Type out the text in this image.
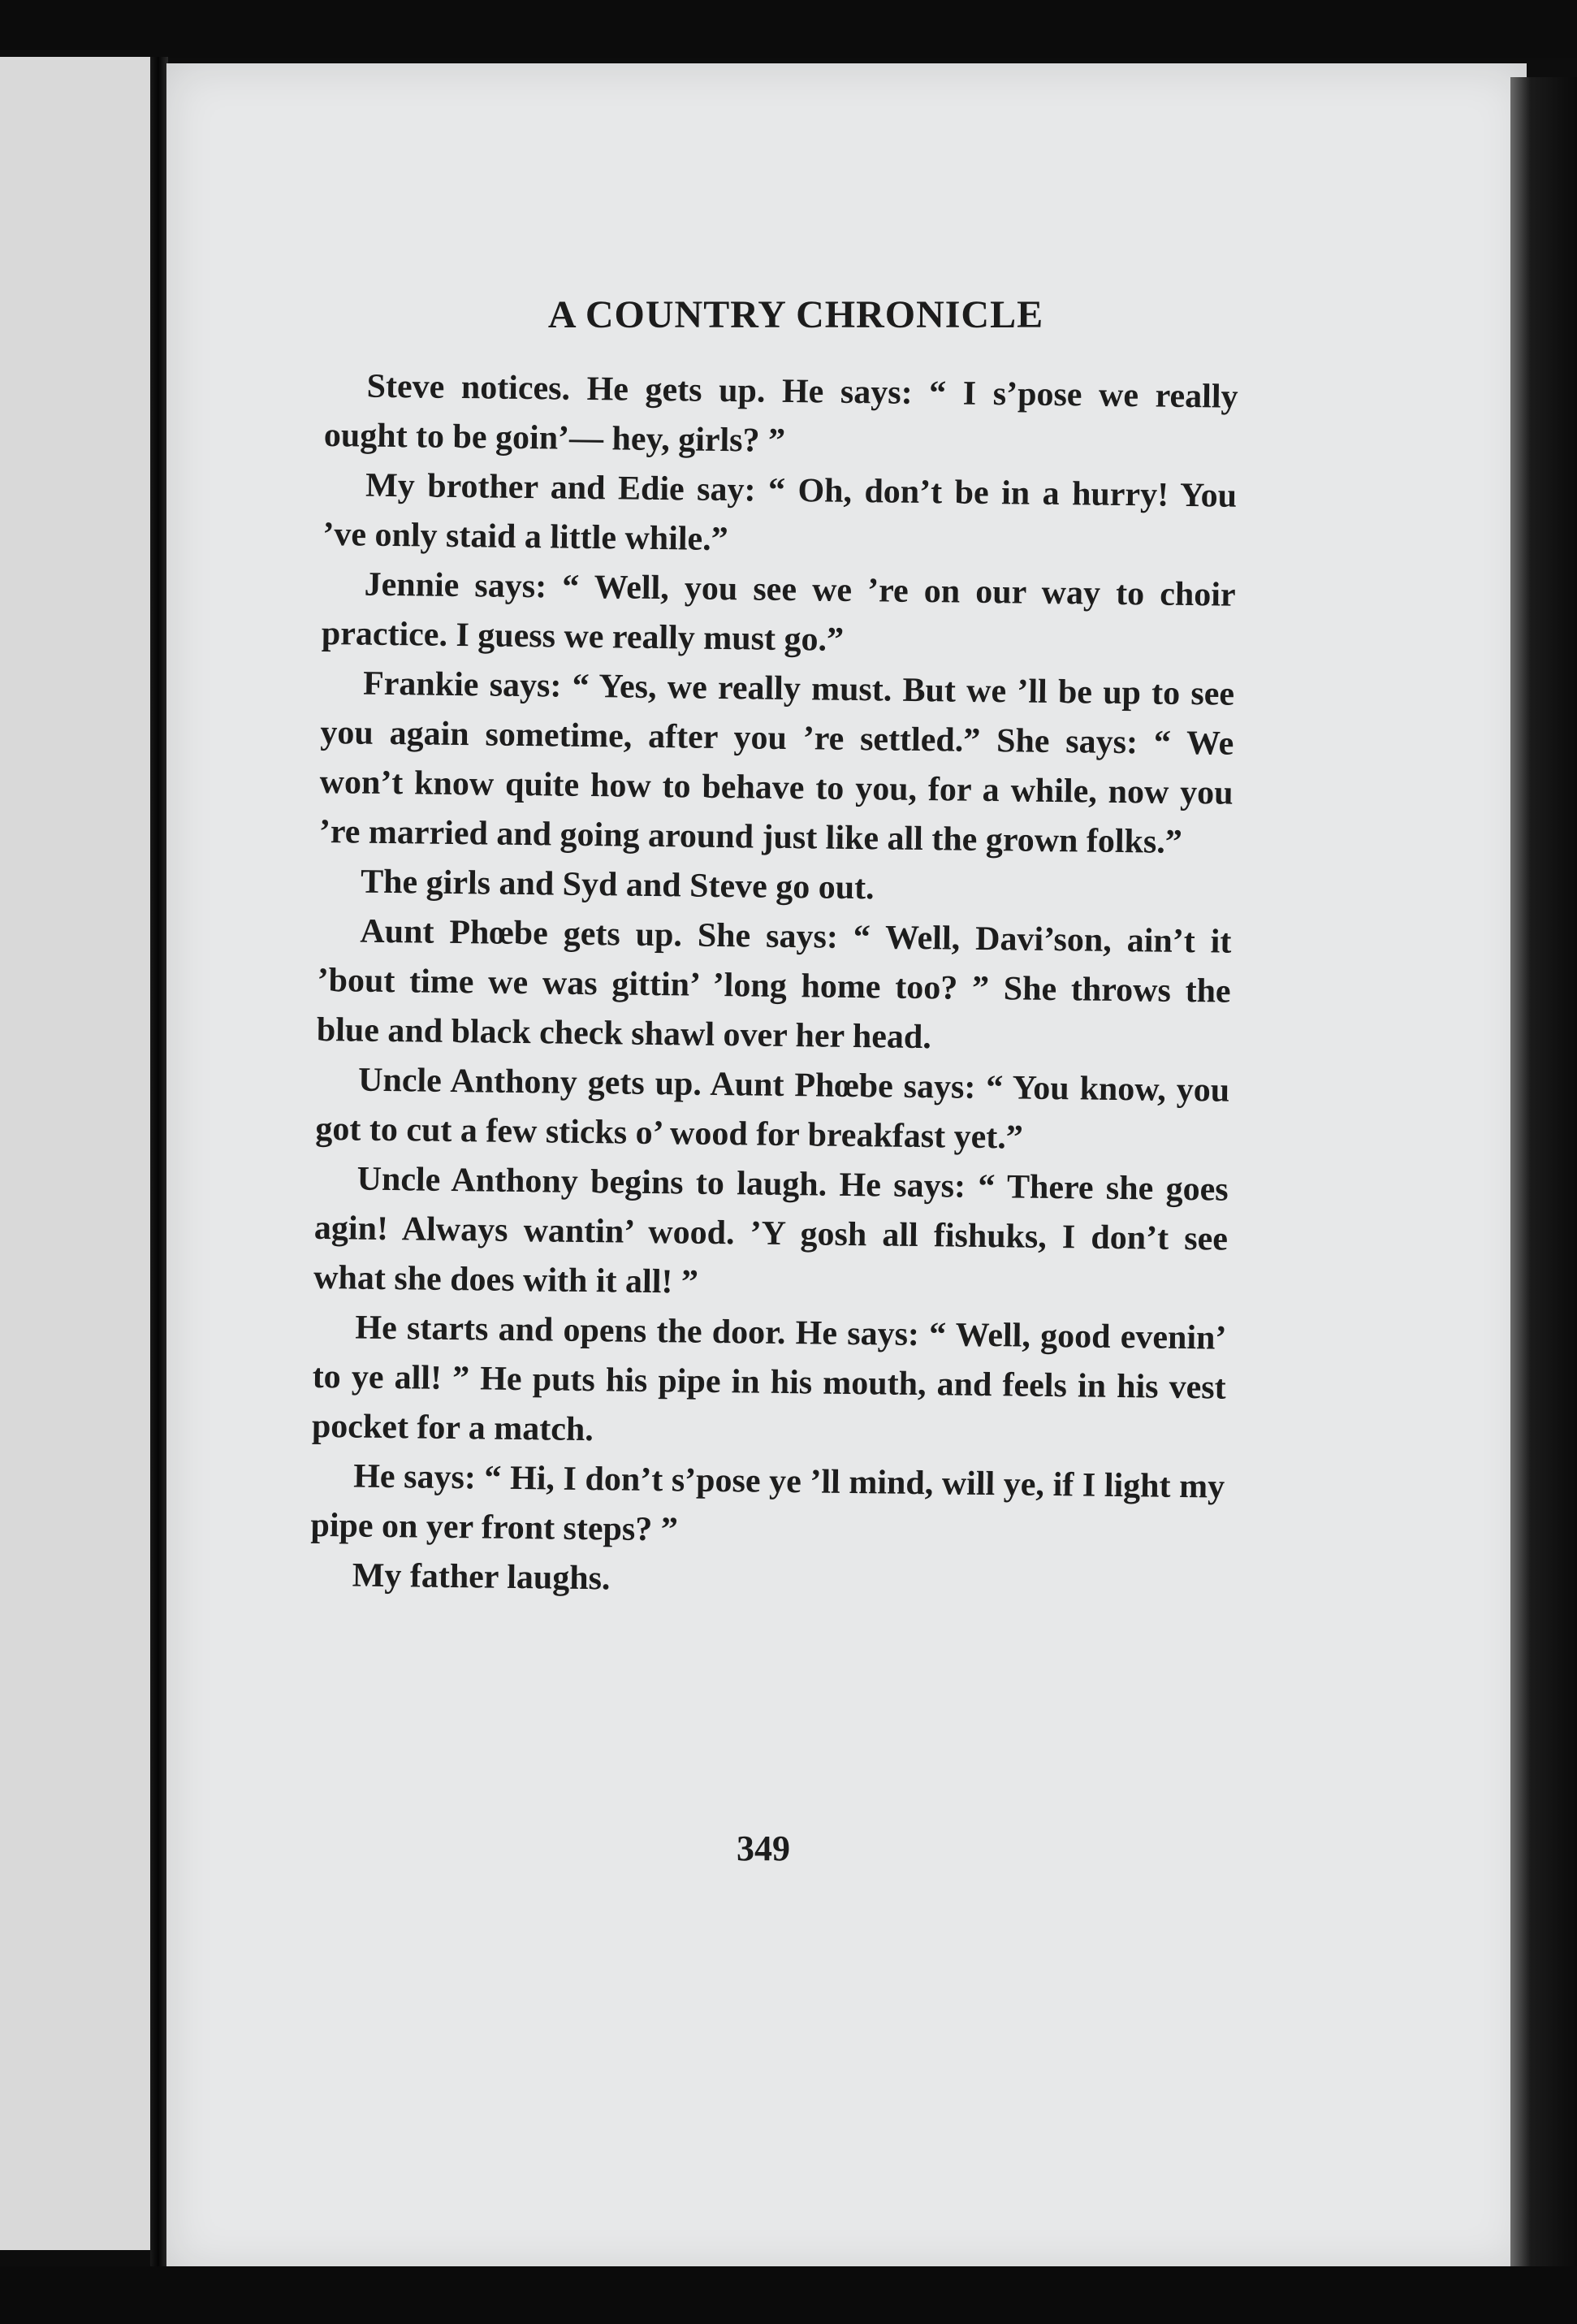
A COUNTRY CHRONICLE

Steve notices. He gets up. He says: “ I s’pose we really ought to be goin’— hey, girls? ”

My brother and Edie say: “ Oh, don’t be in a hurry! You ’ve only staid a little while.”

Jennie says: “ Well, you see we ’re on our way to choir practice. I guess we really must go.”

Frankie says: “ Yes, we really must. But we ’ll be up to see you again sometime, after you ’re settled.” She says: “ We won’t know quite how to behave to you, for a while, now you ’re married and going around just like all the grown folks.”

The girls and Syd and Steve go out.

Aunt Phœbe gets up. She says: “ Well, Davi’son, ain’t it ’bout time we was gittin’ ’long home too? ” She throws the blue and black check shawl over her head.

Uncle Anthony gets up. Aunt Phœbe says: “ You know, you got to cut a few sticks o’ wood for breakfast yet.”

Uncle Anthony begins to laugh. He says: “ There she goes agin! Always wantin’ wood. ’Y gosh all fishuks, I don’t see what she does with it all! ”

He starts and opens the door. He says: “ Well, good evenin’ to ye all! ” He puts his pipe in his mouth, and feels in his vest pocket for a match.

He says: “ Hi, I don’t s’pose ye ’ll mind, will ye, if I light my pipe on yer front steps? ”

My father laughs.

349
